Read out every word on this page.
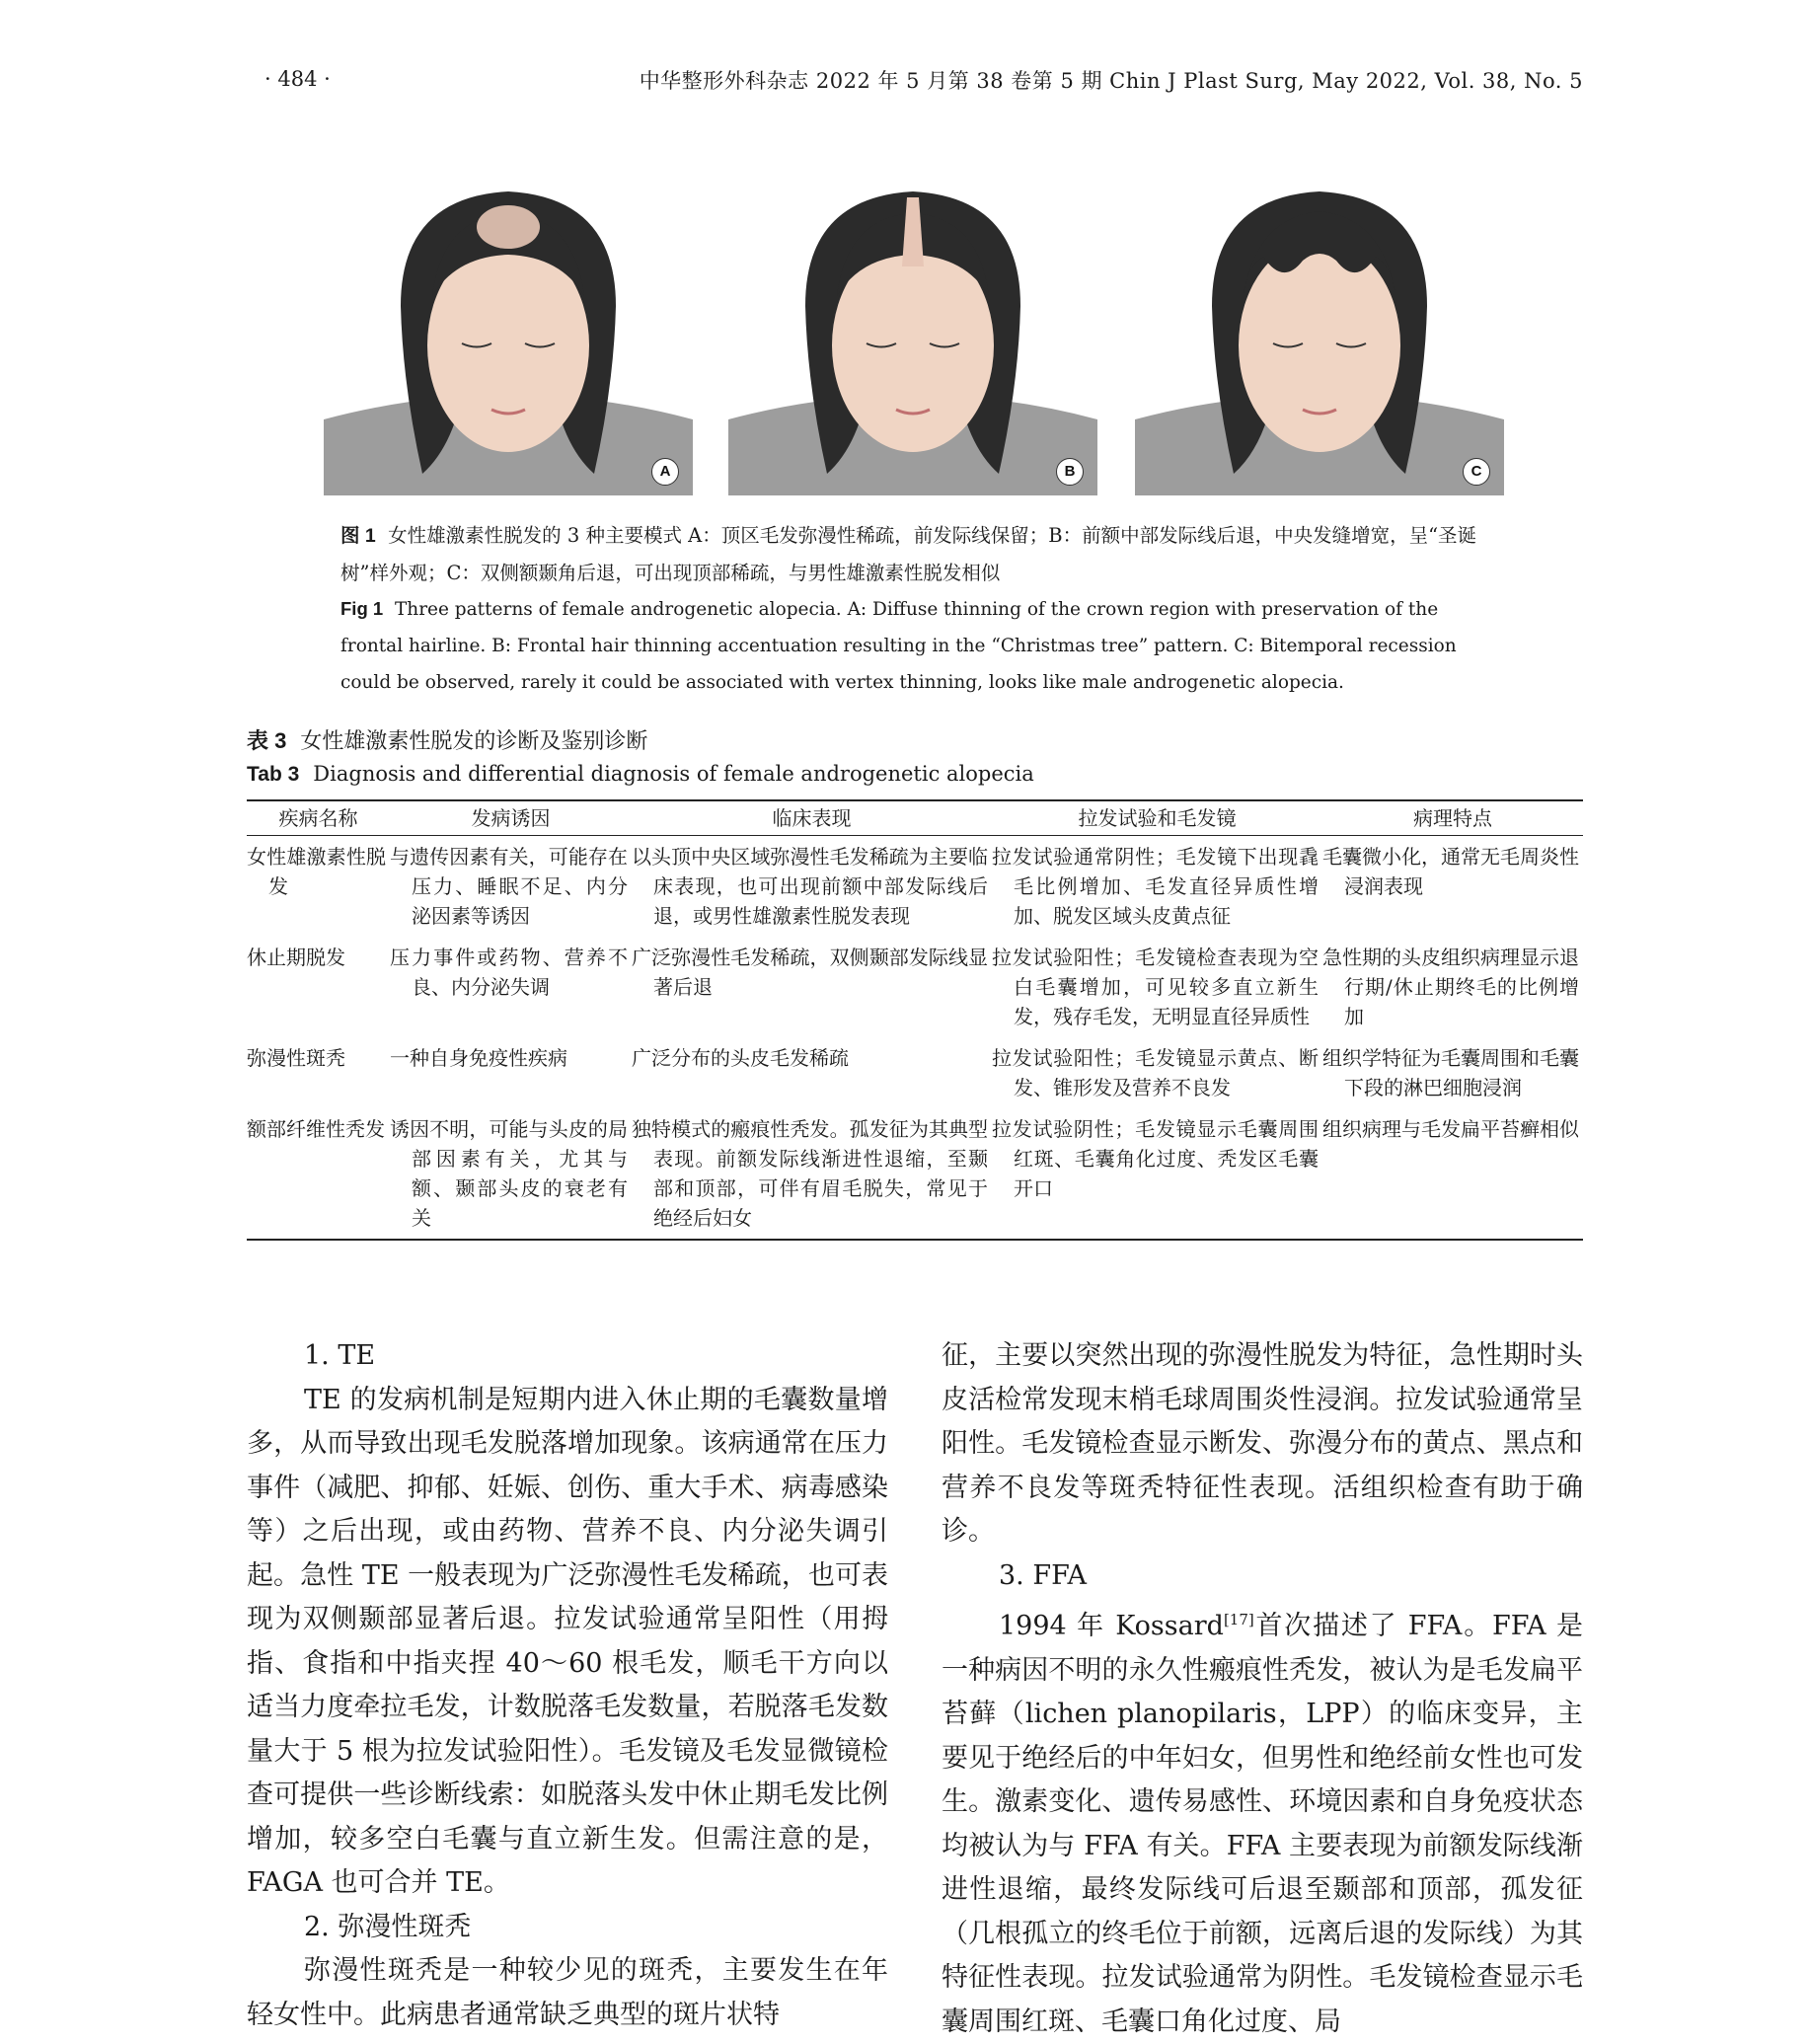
· 484 ·	中华整形外科杂志 2022 年 5 月第 38 卷第 5 期 Chin J Plast Surg, May 2022, Vol. 38, No. 5
A	B	C
图 1 女性雄激素性脱发的 3 种主要模式 A：顶区毛发弥漫性稀疏，前发际线保留；B：前额中部发际线后退，中央发缝增宽，呈“圣诞树”样外观；C：双侧额颞角后退，可出现顶部稀疏，与男性雄激素性脱发相似
Fig 1 Three patterns of female androgenetic alopecia. A: Diffuse thinning of the crown region with preservation of the frontal hairline. B: Frontal hair thinning accentuation resulting in the “Christmas tree” pattern. C: Bitemporal recession could be observed, rarely it could be associated with vertex thinning, looks like male androgenetic alopecia.
表 3 女性雄激素性脱发的诊断及鉴别诊断
Tab 3 Diagnosis and differential diagnosis of female androgenetic alopecia
疾病名称	发病诱因	临床表现	拉发试验和毛发镜	病理特点
女性雄激素性脱发	与遗传因素有关，可能存在压力、睡眠不足、内分泌因素等诱因	以头顶中央区域弥漫性毛发稀疏为主要临床表现，也可出现前额中部发际线后退，或男性雄激素性脱发表现	拉发试验通常阴性；毛发镜下出现毳毛比例增加、毛发直径异质性增加、脱发区域头皮黄点征	毛囊微小化，通常无毛周炎性浸润表现
休止期脱发	压力事件或药物、营养不良、内分泌失调	广泛弥漫性毛发稀疏，双侧颞部发际线显著后退	拉发试验阳性；毛发镜检查表现为空白毛囊增加，可见较多直立新生发，残存毛发，无明显直径异质性	急性期的头皮组织病理显示退行期/休止期终毛的比例增加
弥漫性斑秃	一种自身免疫性疾病	广泛分布的头皮毛发稀疏	拉发试验阳性；毛发镜显示黄点、断发、锥形发及营养不良发	组织学特征为毛囊周围和毛囊下段的淋巴细胞浸润
额部纤维性秃发	诱因不明，可能与头皮的局部因素有关，尤其与额、颞部头皮的衰老有关	独特模式的瘢痕性秃发。孤发征为其典型表现。前额发际线渐进性退缩，至颞部和顶部，可伴有眉毛脱失，常见于绝经后妇女	拉发试验阴性；毛发镜显示毛囊周围红斑、毛囊角化过度、秃发区毛囊开口	组织病理与毛发扁平苔癣相似

1. TE

TE 的发病机制是短期内进入休止期的毛囊数量增多，从而导致出现毛发脱落增加现象。该病通常在压力事件（减肥、抑郁、妊娠、创伤、重大手术、病毒感染等）之后出现，或由药物、营养不良、内分泌失调引起。急性 TE 一般表现为广泛弥漫性毛发稀疏，也可表现为双侧颞部显著后退。拉发试验通常呈阳性（用拇指、食指和中指夹捏 40～60 根毛发，顺毛干方向以适当力度牵拉毛发，计数脱落毛发数量，若脱落毛发数量大于 5 根为拉发试验阳性）。毛发镜及毛发显微镜检查可提供一些诊断线索：如脱落头发中休止期毛发比例增加，较多空白毛囊与直立新生发。但需注意的是，FAGA 也可合并 TE。

2. 弥漫性斑秃

弥漫性斑秃是一种较少见的斑秃，主要发生在年轻女性中。此病患者通常缺乏典型的斑片状特

征，主要以突然出现的弥漫性脱发为特征，急性期时头皮活检常发现末梢毛球周围炎性浸润。拉发试验通常呈阳性。毛发镜检查显示断发、弥漫分布的黄点、黑点和营养不良发等斑秃特征性表现。活组织检查有助于确诊。

3. FFA

1994 年 Kossard[17]首次描述了 FFA。FFA 是一种病因不明的永久性瘢痕性秃发，被认为是毛发扁平苔藓（lichen planopilaris，LPP）的临床变异，主要见于绝经后的中年妇女，但男性和绝经前女性也可发生。激素变化、遗传易感性、环境因素和自身免疫状态均被认为与 FFA 有关。FFA 主要表现为前额发际线渐进性退缩，最终发际线可后退至颞部和顶部，孤发征（几根孤立的终毛位于前额，远离后退的发际线）为其特征性表现。拉发试验通常为阴性。毛发镜检查显示毛囊周围红斑、毛囊口角化过度、局
